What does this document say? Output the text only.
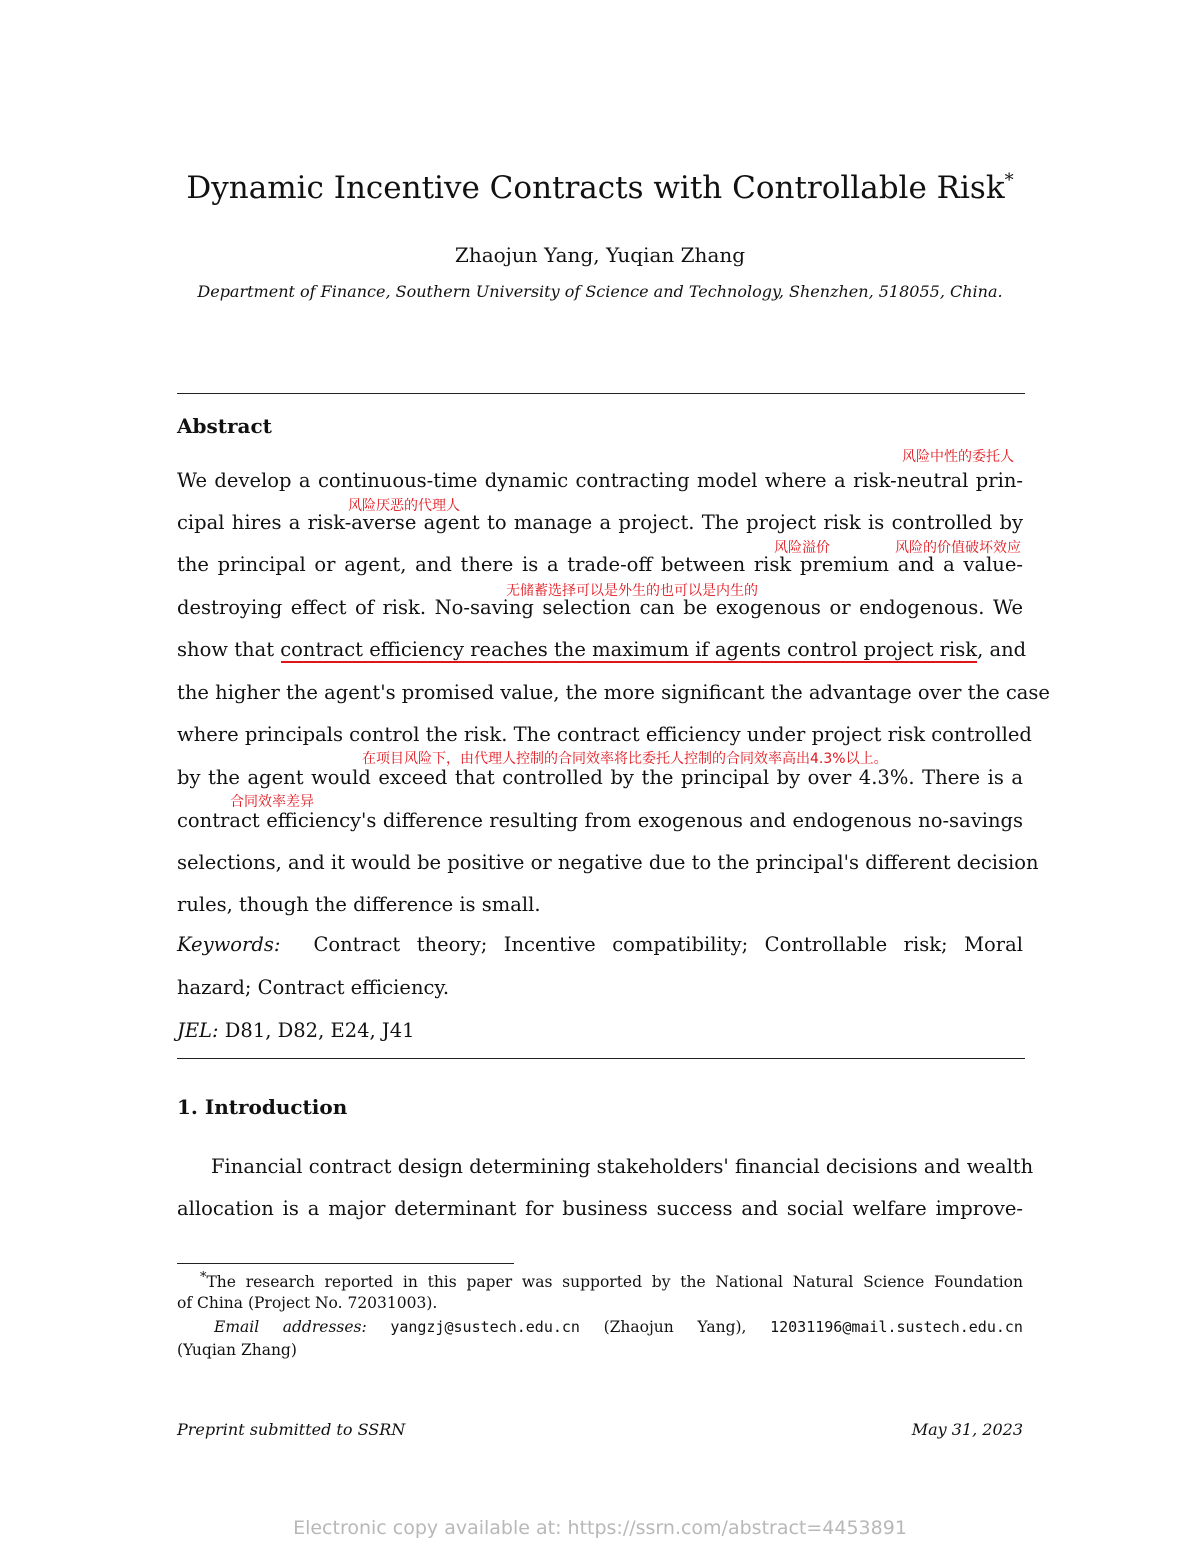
Dynamic Incentive Contracts with Controllable Risk*
Zhaojun Yang, Yuqian Zhang
Department of Finance, Southern University of Science and Technology, Shenzhen, 518055, China.
Abstract
We develop a continuous-time dynamic contracting model where a risk-neutral prin-
cipal hires a risk-averse agent to manage a project. The project risk is controlled by
the principal or agent, and there is a trade-off between risk premium and a value-
destroying effect of risk. No-saving selection can be exogenous or endogenous. We
show that contract efficiency reaches the maximum if agents control project risk, and
the higher the agent's promised value, the more significant the advantage over the case
where principals control the risk. The contract efficiency under project risk controlled
by the agent would exceed that controlled by the principal by over 4.3%. There is a
contract efficiency's difference resulting from exogenous and endogenous no-savings
selections, and it would be positive or negative due to the principal's different decision
rules, though the difference is small.
风险中性的委托人
风险厌恶的代理人
风险溢价	风险的价值破坏效应
无储蓄选择可以是外生的也可以是内生的
在项目风险下，由代理人控制的合同效率将比委托人控制的合同效率高出4.3%以上。
合同效率差异
Keywords: Contract theory; Incentive compatibility; Controllable risk; Moral
hazard; Contract efficiency.
JEL: D81, D82, E24, J41
1. Introduction
Financial contract design determining stakeholders' financial decisions and wealth
allocation is a major determinant for business success and social welfare improve-
*The research reported in this paper was supported by the National Natural Science Foundation
of China (Project No. 72031003).
Email addresses: yangzj@sustech.edu.cn (Zhaojun Yang), 12031196@mail.sustech.edu.cn
(Yuqian Zhang)
Preprint submitted to SSRN	May 31, 2023
Electronic copy available at: https://ssrn.com/abstract=4453891
